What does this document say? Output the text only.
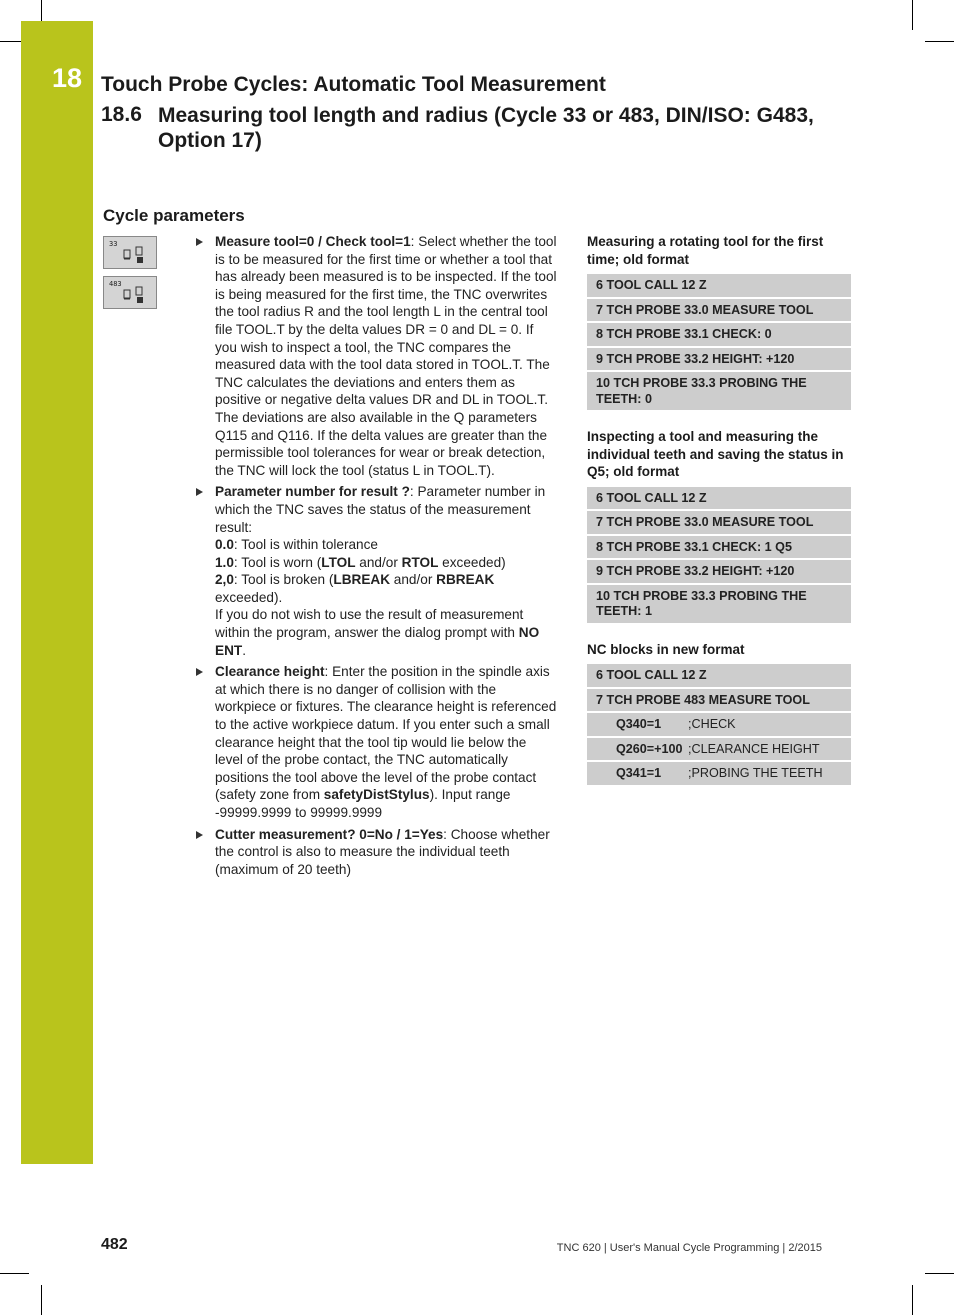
18 Touch Probe Cycles: Automatic Tool Measurement
18.6 Measuring tool length and radius (Cycle 33 or 483, DIN/ISO: G483, Option 17)
Cycle parameters
33
483
Measure tool=0 / Check tool=1: Select whether the tool is to be measured for the first time or whether a tool that has already been measured is to be inspected. If the tool is being measured for the first time, the TNC overwrites the tool radius R and the tool length L in the central tool file TOOL.T by the delta values DR = 0 and DL = 0. If you wish to inspect a tool, the TNC compares the measured data with the tool data stored in TOOL.T. The TNC calculates the deviations and enters them as positive or negative delta values DR and DL in TOOL.T. The deviations are also available in the Q parameters Q115 and Q116. If the delta values are greater than the permissible tool tolerances for wear or break detection, the TNC will lock the tool (status L in TOOL.T).
Parameter number for result ?: Parameter number in which the TNC saves the status of the measurement result:
0.0: Tool is within tolerance
1.0: Tool is worn (LTOL and/or RTOL exceeded)
2,0: Tool is broken (LBREAK and/or RBREAK exceeded).
If you do not wish to use the result of measurement within the program, answer the dialog prompt with NO ENT.
Clearance height: Enter the position in the spindle axis at which there is no danger of collision with the workpiece or fixtures. The clearance height is referenced to the active workpiece datum. If you enter such a small clearance height that the tool tip would lie below the level of the probe contact, the TNC automatically positions the tool above the level of the probe contact (safety zone from safetyDistStylus). Input range -99999.9999 to 99999.9999
Cutter measurement? 0=No / 1=Yes: Choose whether the control is also to measure the individual teeth (maximum of 20 teeth)
Measuring a rotating tool for the first time; old format
6 TOOL CALL 12 Z
7 TCH PROBE 33.0 MEASURE TOOL
8 TCH PROBE 33.1 CHECK: 0
9 TCH PROBE 33.2 HEIGHT: +120
10 TCH PROBE 33.3 PROBING THE TEETH: 0
Inspecting a tool and measuring the individual teeth and saving the status in Q5; old format
6 TOOL CALL 12 Z
7 TCH PROBE 33.0 MEASURE TOOL
8 TCH PROBE 33.1 CHECK: 1 Q5
9 TCH PROBE 33.2 HEIGHT: +120
10 TCH PROBE 33.3 PROBING THE TEETH: 1
NC blocks in new format
6 TOOL CALL 12 Z
7 TCH PROBE 483 MEASURE TOOL
Q340=1 ;CHECK
Q260=+100 ;CLEARANCE HEIGHT
Q341=1 ;PROBING THE TEETH
482	TNC 620 | User's Manual Cycle Programming | 2/2015
